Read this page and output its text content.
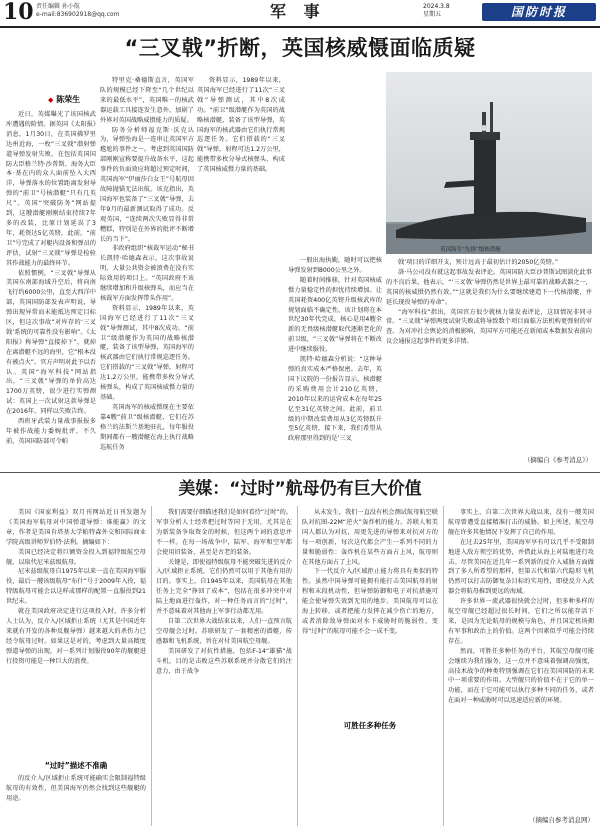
10 责任编辑 孙小航
e-mail:836902918@qq.com	军 事	2024.3.8
星期五	国防时报
“三叉戟”折断，英国核威慑面临质疑
◆ 陈荣生

近日，英媒曝光了该国核武库遭遇的险情。据英国《太阳报》消息，1月30日，在美国佛罗里达州近海，一枚“三叉戟”潜射弹道导弹发射失败。在包括英国国防大臣格兰特·沙普斯、海务大臣本·基在内的众人面前坠入大西洋，导弹落水的位置距离发射导弹的“前卫”号核潜艇“只有几英尺”。英国“突破防务”网站提到，这艘潜艇刚刚结束持续7年多的改装，比原计划延误了3年，耗资达5亿英镑。此前，“前卫”号完成了对艇内设备和弹员的评估，试射“三叉戟”导弹是检验其作战能力的最终环节。

依照惯例，“三叉戟”导弹从美国东南部海域升空后，将向南飞行约6000公里，直至大西洋中部，英国国防部发表声明说，导弹出现异常而未能抵达预定目标区，但这次事故“对库存的‘三叉戟’系统的可靠性没有影响”。《太阳报》称导弹“直接掉下”，就掉在离潜艇不远的海里，它“根本没有被点火”。官方声明对此予以否认。英国“海军科技”网站指出，“三叉戟”导弹的单价高达1700万英镑，很少进行实弹测试：英国上一次试射这款导弹是在2016年，同样以失败告终。

西班牙武装力量战事报报多年被作战能力委婉批评，不久前，英国国防部可令帕

特里克·桑德斯直言，英国军队的规模已经下降至“几个世纪以来的最低水平”，英国唯一的核武器运载工具接连发生意外，加剧了外界对英国战略威慑能力的质疑。

防务分析师福克斯·沃克认为，导弹坠海是一连串让英国军方尴尬的事件之一。考虑到英国国防部刚刚宣称要提升战备水平，这起事件的负面效应将超过预定时间，英国海军“伊丽莎白女王”号航母因故障抛锚无法出航。该克指出，英国海军也装备了“三叉戟”导弹，去年9月的最新测试取得了成功。反观英国，“连续两次失败显得非常糟糕，特别是在外界的批评不断增长的当下”。

非政府组织“核裁军运动”秘书长凯特·哈德森表示，这次事故说明，大量公共资金被浪费在没有实际效用的项目上。“英国政府不该继续增加和升级核弹头，而应当在核裁军方面发挥带头作用”。

资料显示，1989年以来，英国海军已经进行了11次“三叉戟”导弹测试，其中8次成功。“前卫”级潜艇作为英国的战略核潜艇，装备了该型导弹，英国海军的核武器由它们执行常规巡逻任务。它们搭载的“三叉戟”导弹，射程可达1.2万公里，能携带多枚分导式核弹头，构成了英国核威慑力量的基础。

英国海军的核威慑现在主要依靠4艘“前卫”级核潜艇，它们在苏格兰的法斯兰基地驻扎，每年服役期间都有一艘潜艇在海上执行战略巡航任务

一般出海执勤，随时可以把核导弹发射到8000公里之外。

随着时间推移，针对英国核威慑力量稳定性的担忧持续增加。让英国耗资400亿英镑升级核武库的规划面临不确定性。该计划将在本世纪30年代完成，核心是用4艘全新的无畏级核潜艇取代逐渐老化的前卫级，“三叉戟”导弹将在不断改进中继续服役。

凯特·哈德森分析说：“这种导弹的真实成本严格保密。去年，英国下议院的一份报告显示，核潜艇的采购费用会计210亿英镑，2010年以来的运营成本在每年25亿至31亿英镑之间。此前，前卫级的中期改装费用从3亿英镑跃升至5亿英镑，接下来，我们希望从政府那里得到的是‘三叉

资料显示，1989年以来，英国海军已经进行了11次“三叉戟”导弹测试，其中8次成功。“前卫”级潜艇作为英国的战略核潜艇，装备了该型导弹，英国海军的核武器由它们执行常规巡逻任务。它们搭载的“三叉戟”导弹，射程可达1.2万公里，能携带多枚分导式核弹头，构成了英国核威慑力量的基础。

戟’项目的详细开支，预计远高于最初估计的2050亿英镑。”

洛·马公司没有就这起事故发表评论。英国国防大臣沙普斯试图淡化此事的不良后果，他表示，“‘三叉戟’导弹仍然是世界上最可靠的战略武器之一，英国的核威慑仍然有效。”“这就是我们为什么要继续建造下一代核潜艇，并延长现役导弹的寿命”。

“海军科技”指出，英国官方很少就核力量发表评论，这回情况非同寻常。“三叉戟”导弹两度试射失败或将导致数个项目面临方法机构更弹射的审查。为对冲社会舆论的消极影响，英国军方可能还在新闻或本数据发表前向议会通报这起事件的更多详情。

（摘编自《参考消息》）
英国海军“先锋”级核潜艇
美媒：“过时”航母仍有巨大价值

美国《国家利益》双月刊网站近日刊发题为《美国海军航母对中国弹道导弹：谁能赢》的文章，作者是美国肯塔基大学帕特森外交和国际商业学院高级讲师罗伯特·法利。摘编如下：

美国已经决定将巨额资金投入到福特级航空母舰，以取代尼米兹级航母。

尼米兹级航母自1975年以来一直在美国海军服役，最后一艘该级航母“布什”号于2009年入役，福特级航母可能会以这样或那样的配置一直服役到21世纪末。

就在美国政府决定进行这项投入时，许多分析人士认为，反介入/区域拒止系统（尤其是中国近年来就有开发的各种反舰导弹）越来越大的杀伤力已经令航母过时。如果这是对的，考虑到大量高精度弹道导弹的出现，对一系列计划服役90年的舰艇进行投资可能是一种巨大的浪费。

“过时”描述不准确

的反介入/区域拒止系统可能确实会限制福特级航母的有效性，但美国海军仍然会找到这些舰艇的用途。

我们需要仔细描述我们是如何看待“过时”的。军事分析人士经常把过时等同于无用，尤其是在为新装备争取资金的时候，但这两个词的意思并不一样。在每一场战争中，陆军、海军和空军都会使用旧装备，甚至是古老的装备。

关键是，即使福特级航母不能突破先进的反介入/区域拒止系统，它们仍然可以用于其他有用的目的。事实上，自1945年以来，美国航母在其他任务上完全“挣回了成本”，包括在很多冲突中对陆上地面进行轰炸，对一种任务而言的“过时”，并不意味着对其他海上军事行动都无用。

自第二次世界大战结束以来，人们一直预言航空母舰会过时。苏联研发了一套精密的潜艇、传感器和飞机系统，旨在对付美国航空母舰。

美国研发了对抗性措施，包括F-14“雄猫”战斗机，目的是击败这些苏联系统并分散它们的注意力，由于战争

从未发生，我们一直没有机会测试航母航空联队对抗图-22M“逆火”轰炸机的能力。苏联人和美国人都认为对抗，用更先进的导弹来对抗对方的每一项创新，每次这代都会产生一系列不同的力量和脆弱性：轰炸机在某些方面占上风，航母则在其他方面占了上风。

下一代反介入/区域拒止能力将具有类似的特性。虽然中国导弹可能拥有能打击美国航母的射程和末段机动性，但导弹防御和电子对抗措施可能会使导弹失效到无用的地步。美国航母可以在海上转移，或者把能力发挥在减少伤亡的地方，或者消除敌导弹面对水下威胁时的脆弱性，变得“过时”的航母可能不会一成不变。

可胜任多种任务

事实上，自第二次世界大战以来，没有一艘美国航母曾遭受直接精准打击的威胁。如上所述，航空母舰在许多其他情况下发挥了自己的作用。

在过去25年里，美国海军享有可以几乎不受限制地进入敌方领空的优势，并借此从海上对陆地进行攻击。尽管美国在近几年一系列新的反介入威胁方面做到了多人所希望的那样，但第五代和第六代隐形飞机仍然可以打击防御复杂目标的实用性，即使反介入武器会将航母推到更远的海域。

许多世界一流武器很快就会过时，但多种多样的航空母舰已经超过很长时间，它们之所以能存活下来，是因为无论航母的规模与角色，并且国定机场拥有军事和政治上的价值。这两个因素似乎可能会持续存在。

然而，可胜任多种任务的平台，其航空母舰可能会继续为我们服务，这一点并不意味着强调高强度，高技术战争的种类特别强调在它们在美国国防的未来中一项重要的作用。大型舰只的价值不在于它的单一功能，而在于它可能可以执行多种不同的任务，或者在面对一种威胁时可以迅速适应新的环境。

（摘编自参考消息网）
